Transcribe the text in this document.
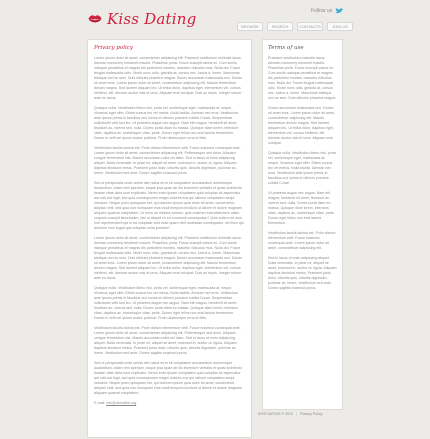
Kiss Dating	Follow us
BROWSE	SEARCH	CONTACTS	JOIN US
Privacy policy

Lorem ipsum dolor sit amet, consectetuer adipiscing elit. Praesent vestibulum molestie lacus. Aenean nonummy hendrerit mauris. Phasellus porta. Fusce suscipit varius mi. Cum sociis natoque penatibus et magnis dis parturient montes, nascetur ridiculus mus. Nulla dui. Fusce feugiat malesuada odio. Morbi nunc odio, gravida at, cursus nec, luctus a, lorem. Maecenas tristique orci ac sem. Duis ultricies pharetra magna. Donec accumsan malesuada orci. Donec sit amet eros. Lorem ipsum dolor sit amet, consectetuer adipiscing elit. Mauris fermentum dictum magna. Sed laoreet aliquam leo. Ut tellus dolor, dapibus eget, elementum vel, cursus eleifend, elit. Aenean auctor wisi et urna. Aliquam erat volutpat. Duis ac turpis. Integer rutrum ante eu lacus.

Quisque nulla. Vestibulum libero nisl, porta vel, scelerisque eget, malesuada at, neque. Vivamus eget nibh. Etiam cursus leo vel metus. Nulla facilisi. Aenean nec eros. Vestibulum ante ipsum primis in faucibus orci luctus et ultrices posuere cubilia Curae; Suspendisse sollicitudin velit sed leo. Ut pharetra augue nec augue. Nam elit magna, hendrerit sit amet, tincidunt ac, viverra sed, nulla. Donec porta diam eu massa. Quisque diam lorem, interdum vitae, dapibus ac, scelerisque vitae, pede. Donec eget tellus non erat lacinia fermentum. Donec in velit vel ipsum auctor pulvinar. Proin ullamcorper urna et felis.

Vestibulum iaculis lacinia est. Proin dictum elementum velit. Fusce euismod consequat ante. Lorem ipsum dolor sit amet, consectetuer adipiscing elit. Pellentesque sed dolor. Aliquam congue fermentum nisl. Mauris accumsan nulla vel diam. Sed in lacus ut enim adipiscing aliquet. Nulla venenatis. In pede mi, aliquet sit amet, euismod in, auctor ut, ligula. Aliquam dapibus tincidunt metus. Praesent justo dolor, lobortis quis, lobortis dignissim, pulvinar ac, lorem. Vestibulum sed ante. Donec sagittis euismod purus.

Sed ut perspiciatis unde omnis iste natus error sit voluptatem accusantium doloremque laudantium, totam rem aperiam, eaque ipsa quae ab illo inventore veritatis et quasi architecto beatae vitae dicta sunt explicabo. Nemo enim ipsam voluptatem quia voluptas sit aspernatur aut odit aut fugit, sed quia consequuntur magni dolores eos qui ratione voluptatem sequi nesciunt. Neque porro quisquam est, qui dolorem ipsum quia dolor sit amet, consectetur, adipisci velit, sed quia non numquam eius modi tempora incidunt ut labore et dolore magnam aliquam quaerat voluptatem. Ut enim ad minima veniam, quis nostrum exercitationem ullam corporis suscipit laboriosam, nisi ut aliquid ex ea commodi consequatur? Quis autem vel eum iure reprehenderit qui in ea voluptate velit esse quam nihil molestiae consequatur, vel illum qui dolorem eum fugiat quo voluptas nulla pariatur?

Lorem ipsum dolor sit amet, consectetuer adipiscing elit. Praesent vestibulum molestie lacus. Aenean nonummy hendrerit mauris. Phasellus porta. Fusce suscipit varius mi. Cum sociis natoque penatibus et magnis dis parturient montes, nascetur ridiculus mus. Nulla dui. Fusce feugiat malesuada odio. Morbi nunc odio, gravida at, cursus nec, luctus a, lorem. Maecenas tristique orci ac sem. Duis ultricies pharetra magna. Donec accumsan malesuada orci. Donec sit amet eros. Lorem ipsum dolor sit amet, consectetuer adipiscing elit. Mauris fermentum dictum magna. Sed laoreet aliquam leo. Ut tellus dolor, dapibus eget, elementum vel, cursus eleifend, elit. Aenean auctor wisi et urna. Aliquam erat volutpat. Duis ac turpis. Integer rutrum ante eu lacus.

Quisque nulla. Vestibulum libero nisl, porta vel, scelerisque eget, malesuada at, neque. Vivamus eget nibh. Etiam cursus leo vel metus. Nulla facilisi. Aenean nec eros. Vestibulum ante ipsum primis in faucibus orci luctus et ultrices posuere cubilia Curae; Suspendisse sollicitudin velit sed leo. Ut pharetra augue nec augue. Nam elit magna, hendrerit sit amet, tincidunt ac, viverra sed, nulla. Donec porta diam eu massa. Quisque diam lorem, interdum vitae, dapibus ac, scelerisque vitae, pede. Donec eget tellus non erat lacinia fermentum. Donec in velit vel ipsum auctor pulvinar. Proin ullamcorper urna et felis.

Vestibulum iaculis lacinia est. Proin dictum elementum velit. Fusce euismod consequat ante. Lorem ipsum dolor sit amet, consectetuer adipiscing elit. Pellentesque sed dolor. Aliquam congue fermentum nisl. Mauris accumsan nulla vel diam. Sed in lacus ut enim adipiscing aliquet. Nulla venenatis. In pede mi, aliquet sit amet, euismod in, auctor ut, ligula. Aliquam dapibus tincidunt metus. Praesent justo dolor, lobortis quis, lobortis dignissim, pulvinar ac, lorem. Vestibulum sed ante. Donec sagittis euismod purus.

Sed ut perspiciatis unde omnis iste natus error sit voluptatem accusantium doloremque laudantium, totam rem aperiam, eaque ipsa quae ab illo inventore veritatis et quasi architecto beatae vitae dicta sunt explicabo. Nemo enim ipsam voluptatem quia voluptas sit aspernatur aut odit aut fugit, sed quia consequuntur magni dolores eos qui ratione voluptatem sequi nesciunt. Neque porro quisquam est, qui dolorem ipsum quia dolor sit amet, consectetur, adipisci velit, sed quia non numquam eius modi tempora incidunt ut labore et dolore magnam aliquam quaerat voluptatem.

E-mail: info@demolink.org
Terms of use

Praesent vestibulum molestie lacus. Aenean nonummy hendrerit mauris. Phasellus porta. Fusce suscipit varius mi. Cum sociis natoque penatibus et magnis dis parturient montes, nascetur ridiculus mus. Nulla dui. Fusce feugiat malesuada odio. Morbi nunc odio, gravida at, cursus nec, luctus a, lorem. Maecenas tristique orci ac sem. Duis ultricies pharetra magna.

Donec accumsan malesuada orci. Donec sit amet eros. Lorem ipsum dolor sit amet, consectetuer adipiscing elit. Mauris fermentum dictum magna. Sed laoreet aliquam leo. Ut tellus dolor, dapibus eget, elementum vel, cursus eleifend, elit. Aenean auctor wisi et urna. Aliquam erat volutpat.

Quisque nulla. Vestibulum libero nisl, porta vel, scelerisque eget, malesuada at, neque. Vivamus eget nibh. Etiam cursus leo vel metus. Nulla facilisi. Aenean nec eros. Vestibulum ante ipsum primis in faucibus orci luctus et ultrices posuere cubilia Curae.

Ut pharetra augue nec augue. Nam elit magna, hendrerit sit amet, tincidunt ac, viverra sed, nulla. Donec porta diam eu massa. Quisque diam lorem, interdum vitae, dapibus ac, scelerisque vitae, pede. Donec eget tellus non erat lacinia fermentum.

Vestibulum iaculis lacinia est. Proin dictum elementum velit. Fusce euismod consequat ante. Lorem ipsum dolor sit amet, consectetuer adipiscing elit.

Sed in lacus ut enim adipiscing aliquet. Nulla venenatis. In pede mi, aliquet sit amet, euismod in, auctor ut, ligula. Aliquam dapibus tincidunt metus. Praesent justo dolor, lobortis quis, lobortis dignissim, pulvinar ac, lorem. Vestibulum sed ante. Donec sagittis euismod purus.

KISS DATING © 2012 | Privacy Policy
